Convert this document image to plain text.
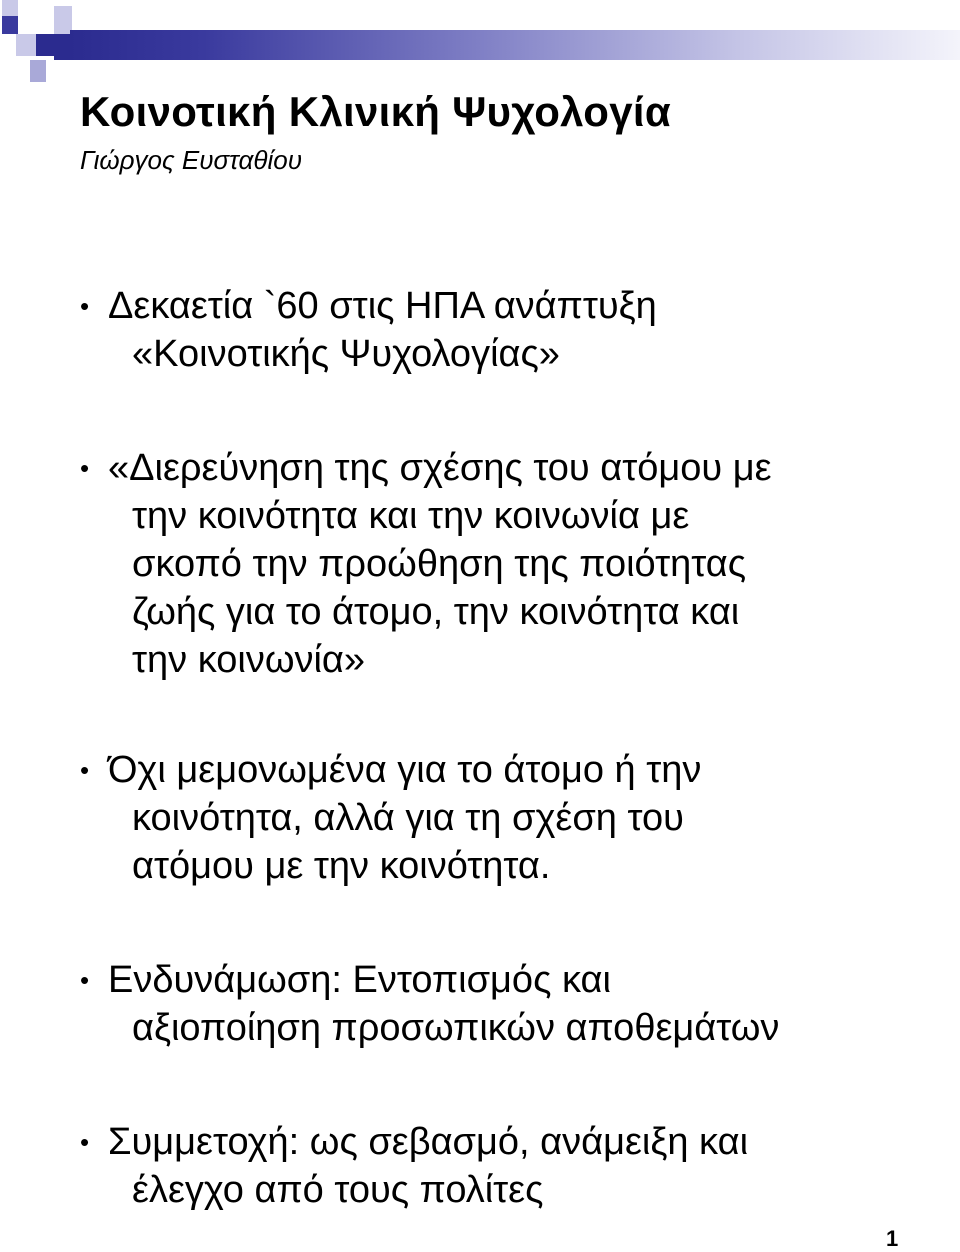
Κοινοτική Κλινική Ψυχολογία
Γιώργος Ευσταθίου
• Δεκαετία `60 στις ΗΠΑ ανάπτυξη
«Κοινοτικής Ψυχολογίας»
• «Διερεύνηση της σχέσης του ατόμου με
την κοινότητα και την κοινωνία με
σκοπό την προώθηση της ποιότητας
ζωής για το άτομο, την κοινότητα και
την κοινωνία»
• Όχι μεμονωμένα για το άτομο ή την
κοινότητα, αλλά για τη σχέση του
ατόμου με την κοινότητα.
• Ενδυνάμωση: Εντοπισμός και
αξιοποίηση προσωπικών αποθεμάτων
• Συμμετοχή: ως σεβασμό, ανάμειξη και
έλεγχο από τους πολίτες
1
